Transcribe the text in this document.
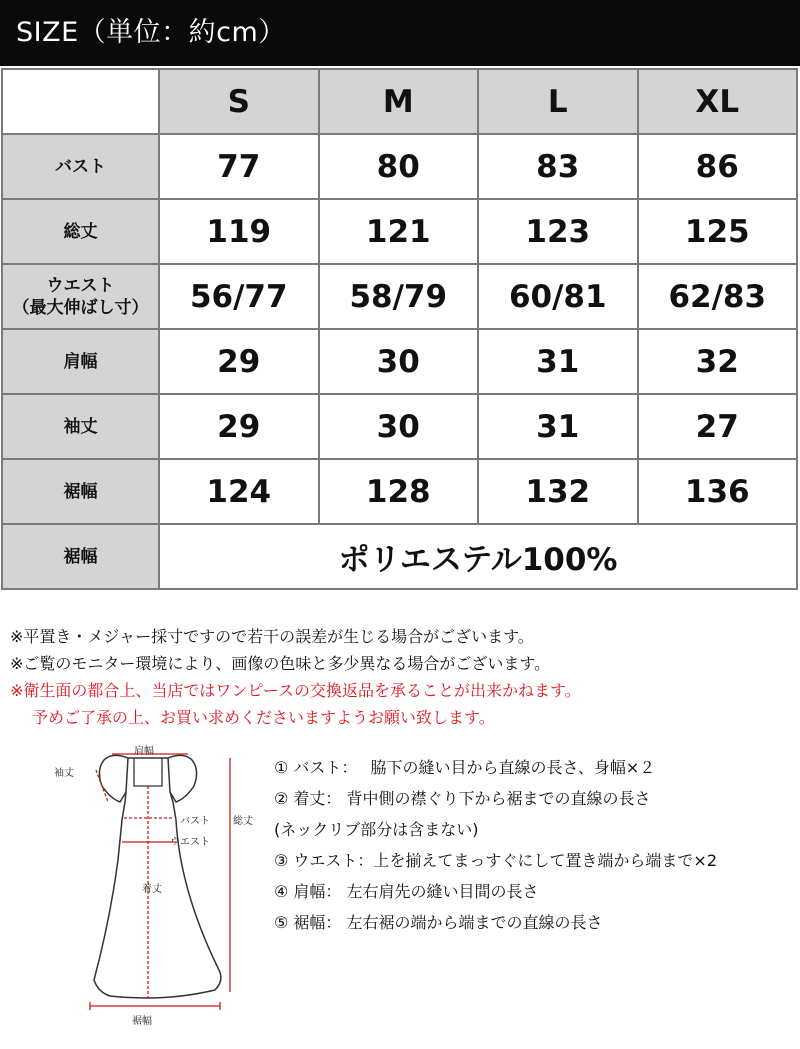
SIZE（単位：約cm）
	S	M	L	XL
バスト	77	80	83	86
総丈	119	121	123	125

ウエスト
（最大伸ばし寸）	56/77	58/79	60/81	62/83
肩幅	29	30	31	32
袖丈	29	30	31	27
裾幅	124	128	132	136
裾幅	ポリエステル100%			
※平置き・メジャー採寸ですので若干の誤差が生じる場合がございます。
※ご覧のモニター環境により、画像の色味と多少異なる場合がございます。
※衛生面の都合上、当店ではワンピースの交換返品を承ることが出来かねます。
予めご了承の上、お買い求めくださいますようお願い致します。
肩幅
袖丈
総丈
バスト
ウエスト
着丈
裾幅
① バスト：　 脇下の縫い目から直線の長さ、身幅×２
② 着丈： 背中側の襟ぐり下から裾までの直線の長さ
(ネックリブ部分は含まない)
③ ウエスト：上を揃えてまっすぐにして置き端から端まで×2
④ 肩幅： 左右肩先の縫い目間の長さ
⑤ 裾幅： 左右裾の端から端までの直線の長さ
